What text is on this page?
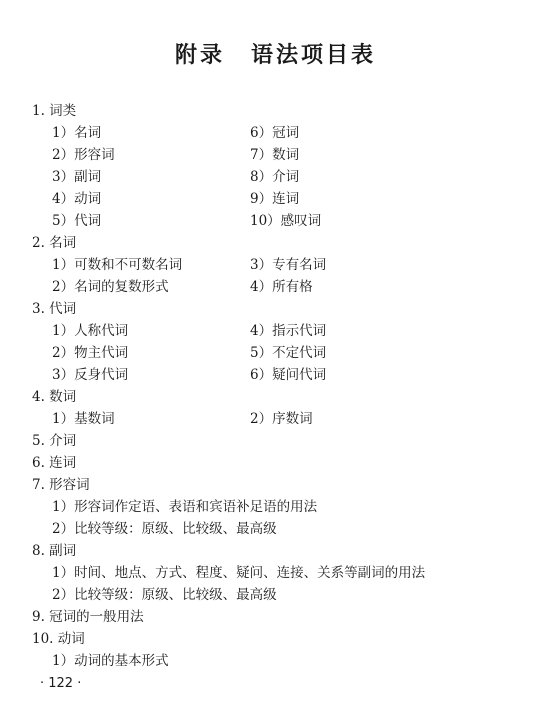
附录 语法项目表
1. 词类
1）名词	6）冠词
2）形容词	7）数词
3）副词	8）介词
4）动词	9）连词
5）代词	10）感叹词
2. 名词
1）可数和不可数名词	3）专有名词
2）名词的复数形式	4）所有格
3. 代词
1）人称代词	4）指示代词
2）物主代词	5）不定代词
3）反身代词	6）疑问代词
4. 数词
1）基数词	2）序数词
5. 介词
6. 连词
7. 形容词
1）形容词作定语、表语和宾语补足语的用法
2）比较等级：原级、比较级、最高级
8. 副词
1）时间、地点、方式、程度、疑问、连接、关系等副词的用法
2）比较等级：原级、比较级、最高级
9. 冠词的一般用法
10. 动词
1）动词的基本形式
· 122 ·
